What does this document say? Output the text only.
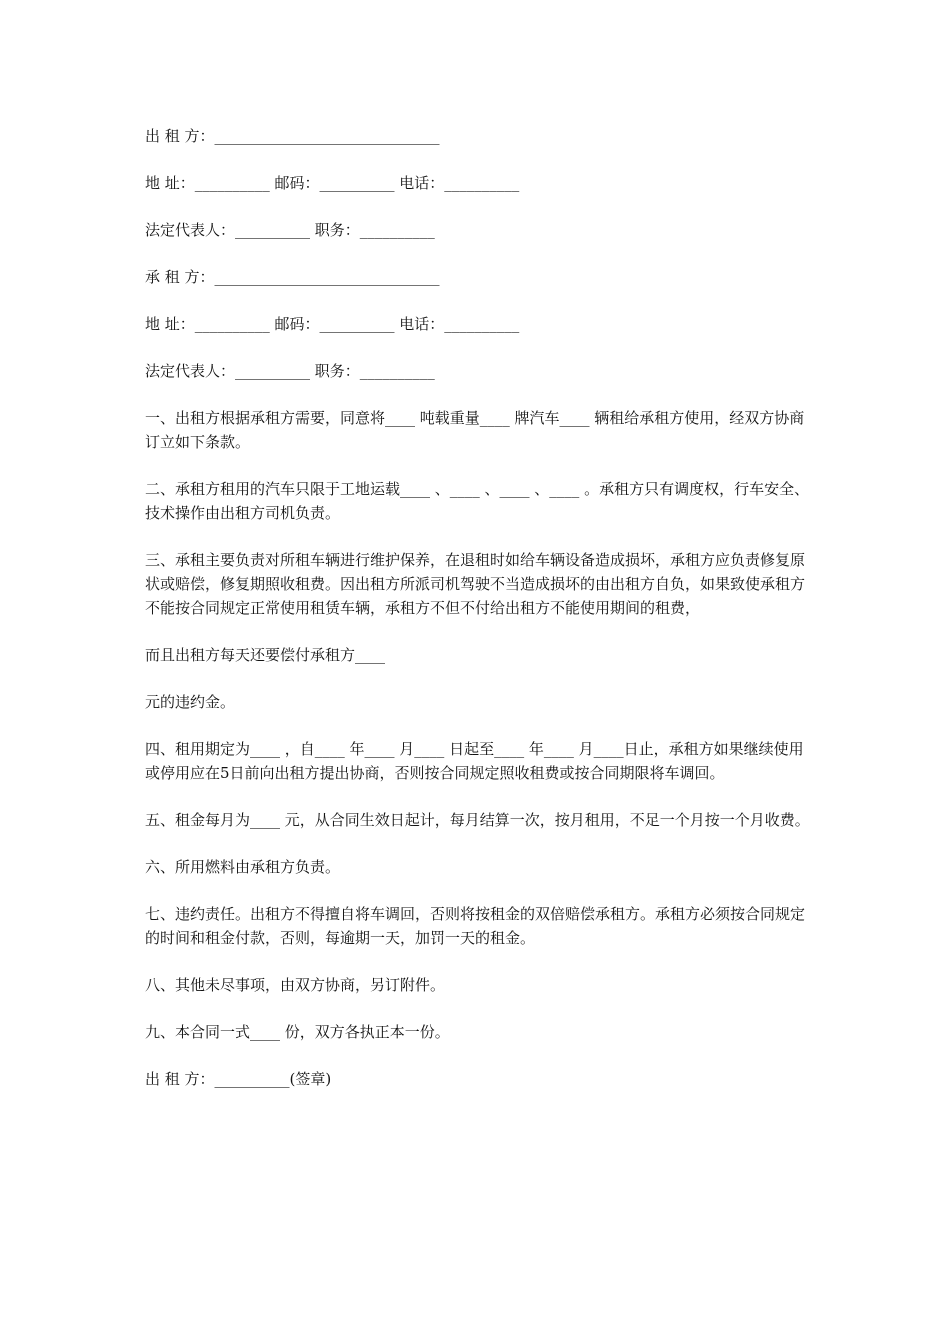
出 租 方：______________________________

地 址：__________ 邮码：__________ 电话：__________

法定代表人：__________ 职务：__________

承 租 方：______________________________

地 址：__________ 邮码：__________ 电话：__________

法定代表人：__________ 职务：__________

一、出租方根据承租方需要，同意将____ 吨载重量____ 牌汽车____ 辆租给承租方使用，经双方协商订立如下条款。

二、承租方租用的汽车只限于工地运载____ 、____ 、____ 、____ 。承租方只有调度权，行车安全、技术操作由出租方司机负责。

三、承租主要负责对所租车辆进行维护保养，在退租时如给车辆设备造成损坏，承租方应负责修复原状或赔偿，修复期照收租费。因出租方所派司机驾驶不当造成损坏的由出租方自负，如果致使承租方不能按合同规定正常使用租赁车辆，承租方不但不付给出租方不能使用期间的租费，

而且出租方每天还要偿付承租方____

元的违约金。

四、租用期定为____ ，自____ 年____ 月____ 日起至____ 年____ 月____日止，承租方如果继续使用或停用应在5日前向出租方提出协商，否则按合同规定照收租费或按合同期限将车调回。

五、租金每月为____ 元，从合同生效日起计，每月结算一次，按月租用，不足一个月按一个月收费。

六、所用燃料由承租方负责。

七、违约责任。出租方不得擅自将车调回，否则将按租金的双倍赔偿承租方。承租方必须按合同规定的时间和租金付款，否则，每逾期一天，加罚一天的租金。

八、其他未尽事项，由双方协商，另订附件。

九、本合同一式____ 份，双方各执正本一份。

出 租 方：__________(签章)
